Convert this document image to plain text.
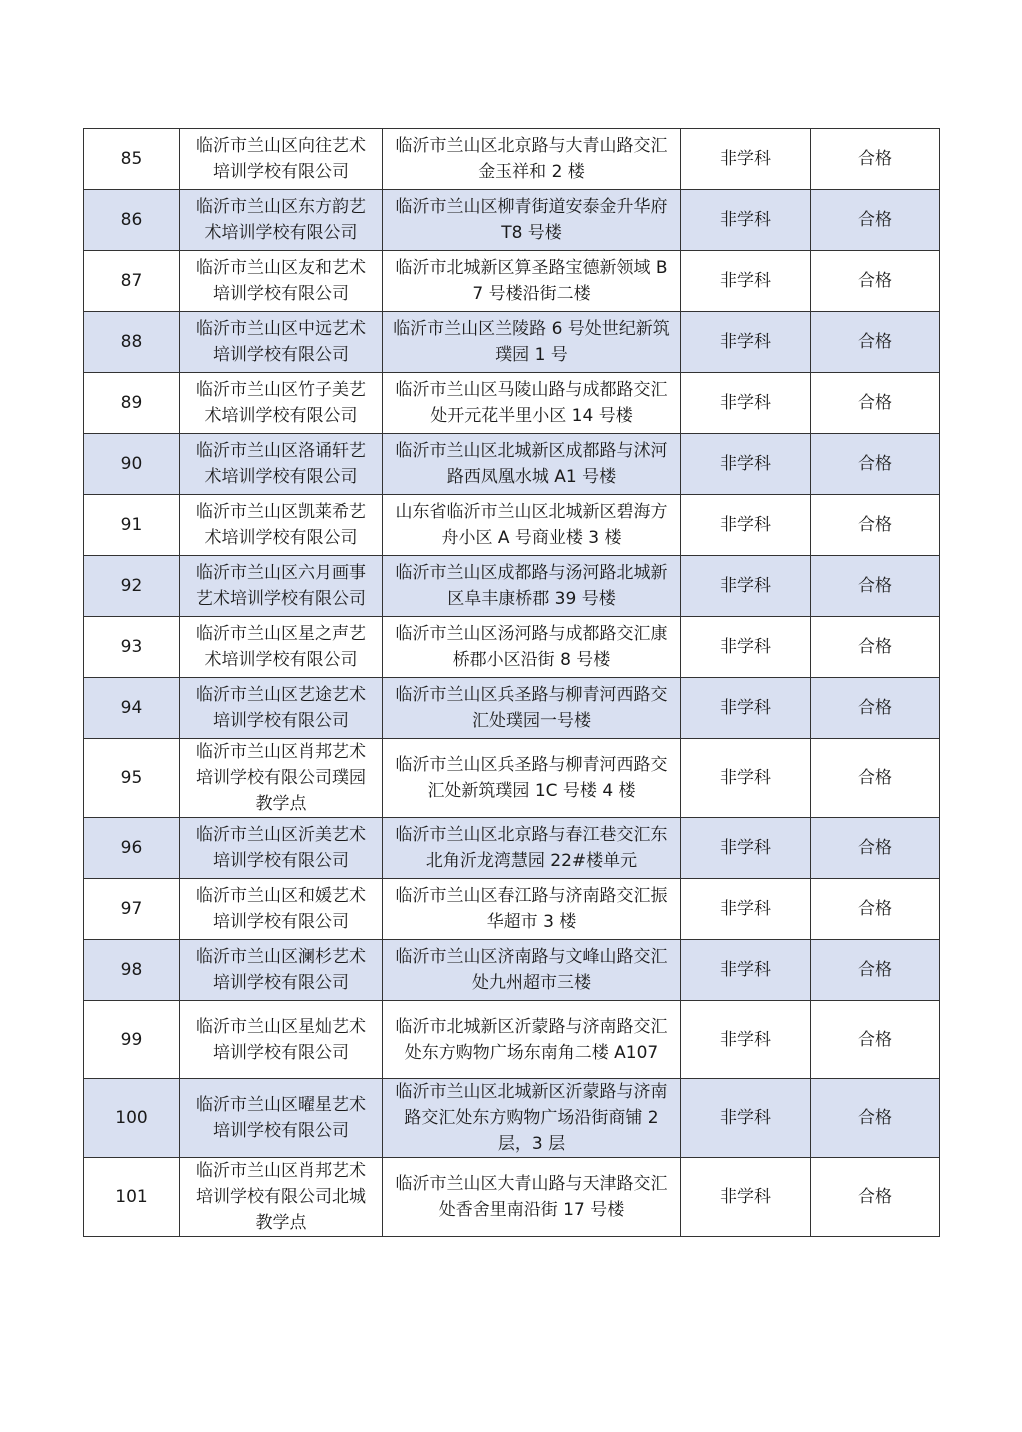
85	临沂市兰山区向往艺术培训学校有限公司	临沂市兰山区北京路与大青山路交汇金玉祥和 2 楼	非学科	合格
86	临沂市兰山区东方韵艺术培训学校有限公司	临沂市兰山区柳青街道安泰金升华府 T8 号楼	非学科	合格
87	临沂市兰山区友和艺术培训学校有限公司	临沂市北城新区算圣路宝德新领域 B7 号楼沿街二楼	非学科	合格
88	临沂市兰山区中远艺术培训学校有限公司	临沂市兰山区兰陵路 6 号处世纪新筑璞园 1 号	非学科	合格
89	临沂市兰山区竹子美艺术培训学校有限公司	临沂市兰山区马陵山路与成都路交汇处开元花半里小区 14 号楼	非学科	合格
90	临沂市兰山区洛诵轩艺术培训学校有限公司	临沂市兰山区北城新区成都路与沭河路西凤凰水城 A1 号楼	非学科	合格
91	临沂市兰山区凯莱希艺术培训学校有限公司	山东省临沂市兰山区北城新区碧海方舟小区 A 号商业楼 3 楼	非学科	合格
92	临沂市兰山区六月画事艺术培训学校有限公司	临沂市兰山区成都路与汤河路北城新区阜丰康桥郡 39 号楼	非学科	合格
93	临沂市兰山区星之声艺术培训学校有限公司	临沂市兰山区汤河路与成都路交汇康桥郡小区沿街 8 号楼	非学科	合格
94	临沂市兰山区艺途艺术培训学校有限公司	临沂市兰山区兵圣路与柳青河西路交汇处璞园一号楼	非学科	合格
95	临沂市兰山区肖邦艺术培训学校有限公司璞园教学点	临沂市兰山区兵圣路与柳青河西路交汇处新筑璞园 1C 号楼 4 楼	非学科	合格
96	临沂市兰山区沂美艺术培训学校有限公司	临沂市兰山区北京路与春江巷交汇东北角沂龙湾慧园 22#楼单元	非学科	合格
97	临沂市兰山区和媛艺术培训学校有限公司	临沂市兰山区春江路与济南路交汇振华超市 3 楼	非学科	合格
98	临沂市兰山区澜杉艺术培训学校有限公司	临沂市兰山区济南路与文峰山路交汇处九州超市三楼	非学科	合格
99	临沂市兰山区星灿艺术培训学校有限公司	临沂市北城新区沂蒙路与济南路交汇处东方购物广场东南角二楼 A107	非学科	合格
100	临沂市兰山区曜星艺术培训学校有限公司	临沂市兰山区北城新区沂蒙路与济南路交汇处东方购物广场沿街商铺 2 层，3 层	非学科	合格
101	临沂市兰山区肖邦艺术培训学校有限公司北城教学点	临沂市兰山区大青山路与天津路交汇处香舍里南沿街 17 号楼	非学科	合格
